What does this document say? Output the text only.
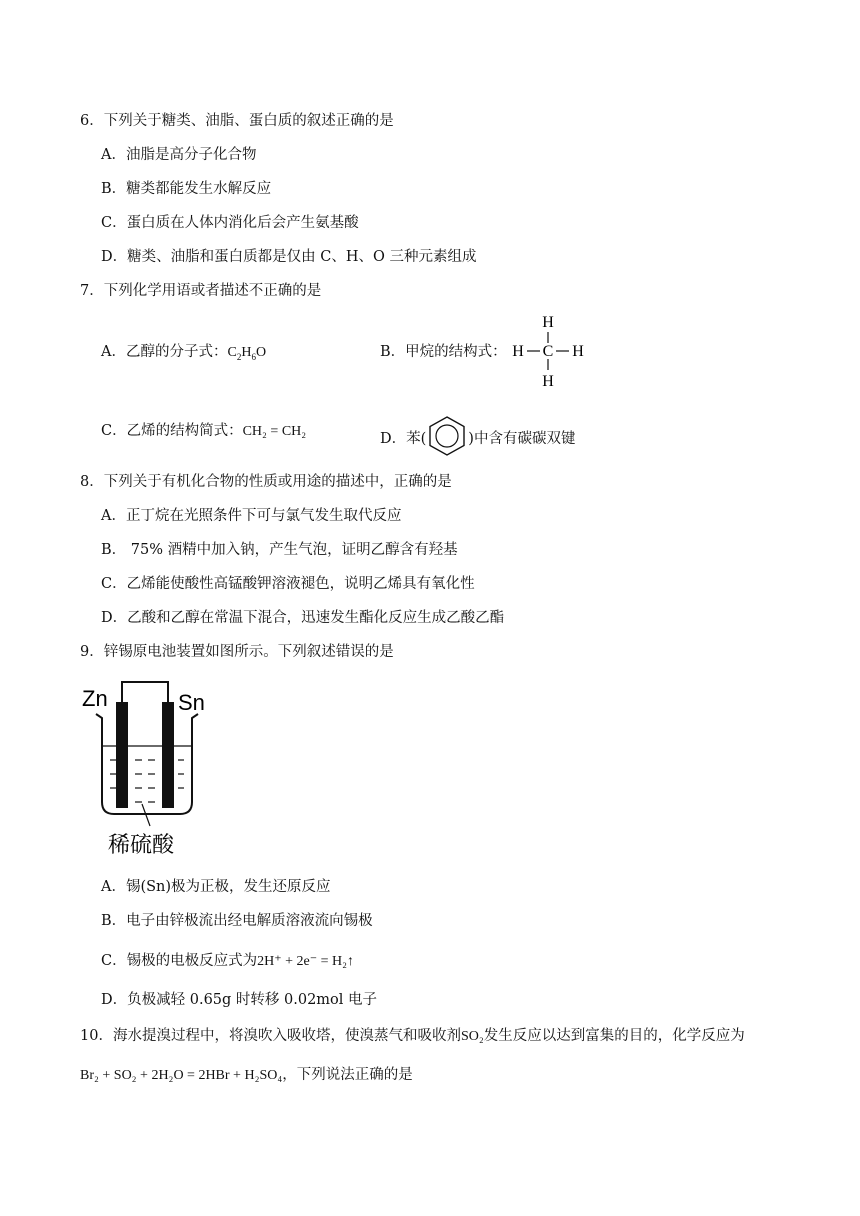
6．下列关于糖类、油脂、蛋白质的叙述正确的是
A．油脂是高分子化合物
B．糖类都能发生水解反应
C．蛋白质在人体内消化后会产生氨基酸
D．糖类、油脂和蛋白质都是仅由 C、H、O 三种元素组成
7．下列化学用语或者描述不正确的是
A．乙醇的分子式：$C_2H_6O$	B．甲烷的结构式：
H
H C H
H
C．乙烯的结构简式：CH₂ = CH₂	D．苯(	)中含有碳碳双键
8．下列关于有机化合物的性质或用途的描述中，正确的是
A．正丁烷在光照条件下可与氯气发生取代反应
B． 75% 酒精中加入钠，产生气泡，证明乙醇含有羟基
C．乙烯能使酸性高锰酸钾溶液褪色，说明乙烯具有氧化性
D．乙酸和乙醇在常温下混合，迅速发生酯化反应生成乙酸乙酯
9．锌锡原电池装置如图所示。下列叙述错误的是
Zn	Sn
稀硫酸
A．锡(Sn)极为正极，发生还原反应
B．电子由锌极流出经电解质溶液流向锡极
C．锡极的电极反应式为2H⁺ + 2e⁻ = H₂↑
D．负极减轻 0.65g 时转移 0.02mol 电子
10．海水提溴过程中，将溴吹入吸收塔，使溴蒸气和吸收剂SO₂发生反应以达到富集的目的，化学反应为
Br₂ + SO₂ + 2H₂O = 2HBr + H₂SO₄，下列说法正确的是
